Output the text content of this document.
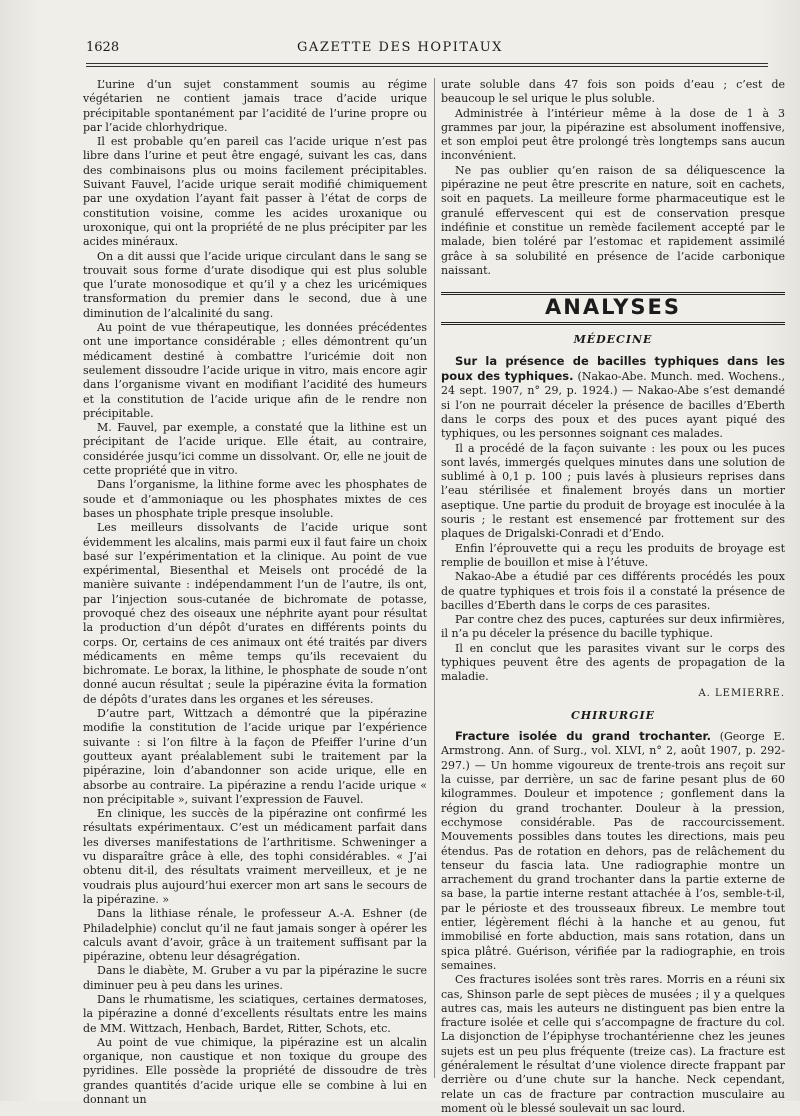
1628	GAZETTE DES HOPITAUX

L’urine d’un sujet constamment soumis au régime végétarien ne contient jamais trace d’acide urique précipitable spontanément par l’acidité de l’urine propre ou par l’acide chlorhydrique.

Il est probable qu’en pareil cas l’acide urique n’est pas libre dans l’urine et peut être engagé, suivant les cas, dans des combinaisons plus ou moins facilement précipitables. Suivant Fauvel, l’acide urique serait modifié chimiquement par une oxydation l’ayant fait passer à l’état de corps de constitution voisine, comme les acides uroxanique ou uroxonique, qui ont la propriété de ne plus précipiter par les acides minéraux.

On a dit aussi que l’acide urique circulant dans le sang se trouvait sous forme d’urate disodique qui est plus soluble que l’urate monosodique et qu’il y a chez les uricémiques transformation du premier dans le second, due à une diminution de l’alcalinité du sang.

Au point de vue thérapeutique, les données précédentes ont une importance considérable ; elles démontrent qu’un médicament destiné à combattre l’uricémie doit non seulement dissoudre l’acide urique in vitro, mais encore agir dans l’organisme vivant en modifiant l’acidité des humeurs et la constitution de l’acide urique afin de le rendre non précipitable.

M. Fauvel, par exemple, a constaté que la lithine est un précipitant de l’acide urique. Elle était, au contraire, considérée jusqu’ici comme un dissolvant. Or, elle ne jouit de cette propriété que in vitro.

Dans l’organisme, la lithine forme avec les phosphates de soude et d’ammoniaque ou les phosphates mixtes de ces bases un phosphate triple presque insoluble.

Les meilleurs dissolvants de l’acide urique sont évidemment les alcalins, mais parmi eux il faut faire un choix basé sur l’expérimentation et la clinique. Au point de vue expérimental, Biesenthal et Meisels ont procédé de la manière suivante : indépendamment l’un de l’autre, ils ont, par l’injection sous-cutanée de bichromate de potasse, provoqué chez des oiseaux une néphrite ayant pour résultat la production d’un dépôt d’urates en différents points du corps. Or, certains de ces animaux ont été traités par divers médicaments en même temps qu’ils recevaient du bichromate. Le borax, la lithine, le phosphate de soude n’ont donné aucun résultat ; seule la pipérazine évita la formation de dépôts d’urates dans les organes et les séreuses.

D’autre part, Wittzach a démontré que la pipérazine modifie la constitution de l’acide urique par l’expérience suivante : si l’on filtre à la façon de Pfeiffer l’urine d’un goutteux ayant préalablement subi le traitement par la pipérazine, loin d’abandonner son acide urique, elle en absorbe au contraire. La pipérazine a rendu l’acide urique « non précipitable », suivant l’expression de Fauvel.

En clinique, les succès de la pipérazine ont confirmé les résultats expérimentaux. C’est un médicament parfait dans les diverses manifestations de l’arthritisme. Schweninger a vu disparaître grâce à elle, des tophi considérables. « J’ai obtenu dit-il, des résultats vraiment merveilleux, et je ne voudrais plus aujourd’hui exercer mon art sans le secours de la pipérazine. »

Dans la lithiase rénale, le professeur A.-A. Eshner (de Philadelphie) conclut qu’il ne faut jamais songer à opérer les calculs avant d’avoir, grâce à un traitement suffisant par la pipérazine, obtenu leur désagrégation.

Dans le diabète, M. Gruber a vu par la pipérazine le sucre diminuer peu à peu dans les urines.

Dans le rhumatisme, les sciatiques, certaines dermatoses, la pipérazine a donné d’excellents résultats entre les mains de MM. Wittzach, Henbach, Bardet, Ritter, Schots, etc.

Au point de vue chimique, la pipérazine est un alcalin organique, non caustique et non toxique du groupe des pyridines. Elle possède la propriété de dissoudre de très grandes quantités d’acide urique elle se combine à lui en donnant un

urate soluble dans 47 fois son poids d’eau ; c’est de beaucoup le sel urique le plus soluble.

Administrée à l’intérieur même à la dose de 1 à 3 grammes par jour, la pipérazine est absolument inoffensive, et son emploi peut être prolongé très longtemps sans aucun inconvénient.

Ne pas oublier qu’en raison de sa déliquescence la pipérazine ne peut être prescrite en nature, soit en cachets, soit en paquets. La meilleure forme pharmaceutique est le granulé effervescent qui est de conservation presque indéfinie et constitue un remède facilement accepté par le malade, bien toléré par l’estomac et rapidement assimilé grâce à sa solubilité en présence de l’acide carbonique naissant.

ANALYSES
MÉDECINE

Sur la présence de bacilles typhiques dans les poux des typhiques. (Nakao-Abe. Munch. med. Wochens., 24 sept. 1907, n° 29, p. 1924.) — Nakao-Abe s’est demandé si l’on ne pourrait déceler la présence de bacilles d’Eberth dans le corps des poux et des puces ayant piqué des typhiques, ou les personnes soignant ces malades.

Il a procédé de la façon suivante : les poux ou les puces sont lavés, immergés quelques minutes dans une solution de sublimé à 0,1 p. 100 ; puis lavés à plusieurs reprises dans l’eau stérilisée et finalement broyés dans un mortier aseptique. Une partie du produit de broyage est inoculée à la souris ; le restant est ensemencé par frottement sur des plaques de Drigalski-Conradi et d’Endo.

Enfin l’éprouvette qui a reçu les produits de broyage est remplie de bouillon et mise à l’étuve.

Nakao-Abe a étudié par ces différents procédés les poux de quatre typhiques et trois fois il a constaté la présence de bacilles d’Eberth dans le corps de ces parasites.

Par contre chez des puces, capturées sur deux infirmières, il n’a pu déceler la présence du bacille typhique.

Il en conclut que les parasites vivant sur le corps des typhiques peuvent être des agents de propagation de la maladie.

A. LEMIERRE.
CHIRURGIE

Fracture isolée du grand trochanter. (George E. Armstrong. Ann. of Surg., vol. XLVI, n° 2, août 1907, p. 292-297.) — Un homme vigoureux de trente-trois ans reçoit sur la cuisse, par derrière, un sac de farine pesant plus de 60 kilogrammes. Douleur et impotence ; gonflement dans la région du grand trochanter. Douleur à la pression, ecchymose considérable. Pas de raccourcissement. Mouvements possibles dans toutes les directions, mais peu étendus. Pas de rotation en dehors, pas de relâchement du tenseur du fascia lata. Une radiographie montre un arrachement du grand trochanter dans la partie externe de sa base, la partie interne restant attachée à l’os, semble-t-il, par le périoste et des trousseaux fibreux. Le membre tout entier, légèrement fléchi à la hanche et au genou, fut immobilisé en forte abduction, mais sans rotation, dans un spica plâtré. Guérison, vérifiée par la radiographie, en trois semaines.

Ces fractures isolées sont très rares. Morris en a réuni six cas, Shinson parle de sept pièces de musées ; il y a quelques autres cas, mais les auteurs ne distinguent pas bien entre la fracture isolée et celle qui s’accompagne de fracture du col. La disjonction de l’épiphyse trochantérienne chez les jeunes sujets est un peu plus fréquente (treize cas). La fracture est généralement le résultat d’une violence directe frappant par derrière ou d’une chute sur la hanche. Neck cependant, relate un cas de fracture par contraction musculaire au moment où le blessé soulevait un sac lourd.
